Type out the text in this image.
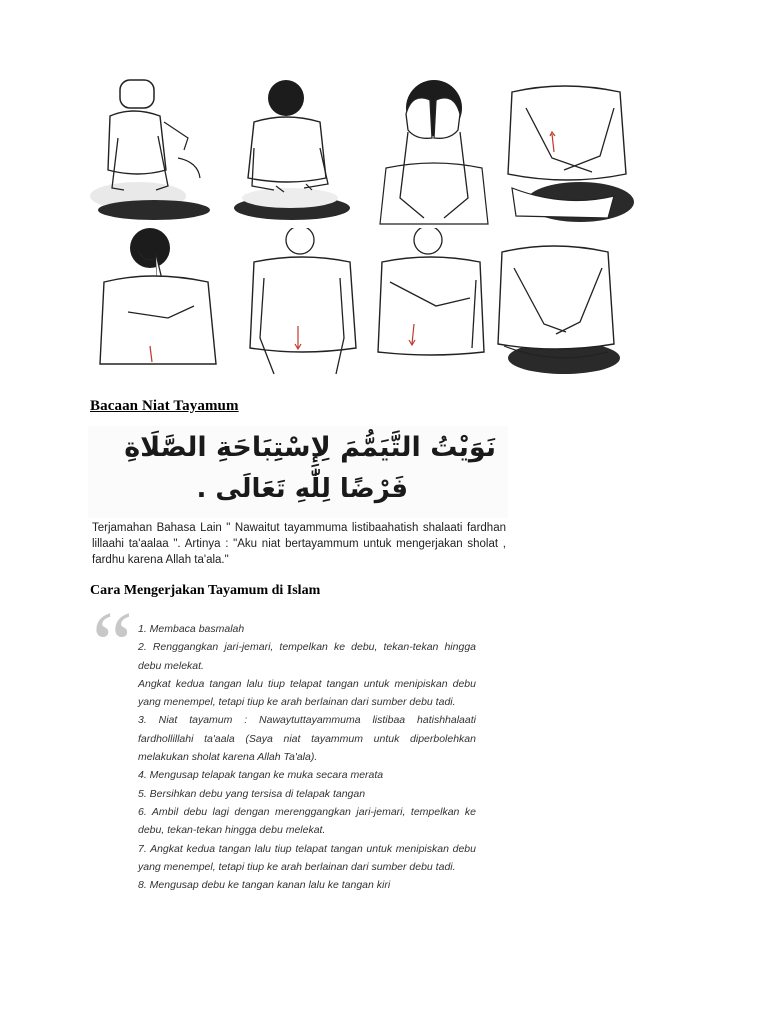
Bacaan Niat Tayamum
نَوَيْتُ التَّيَمُّمَ لِإِسْتِبَاحَةِ الصَّلَاةِ
فَرْضًا لِلّٰهِ تَعَالَى .

Terjamahan Bahasa Lain " Nawaitut tayammuma listibaahatish shalaati fardhan lillaahi ta'aalaa ". Artinya : "Aku niat bertayammum untuk mengerjakan sholat , fardhu karena Allah ta'ala."

Cara Mengerjakan Tayamum di Islam
“ 1. Membaca basmalah

2. Renggangkan jari-jemari, tempelkan ke debu, tekan-tekan hingga debu melekat.

Angkat kedua tangan lalu tiup telapat tangan untuk menipiskan debu yang menempel, tetapi tiup ke arah berlainan dari sumber debu tadi.

3. Niat tayamum : Nawaytuttayammuma listibaa hatishhalaati fardhollillahi ta'aala (Saya niat tayammum untuk diperbolehkan melakukan sholat karena Allah Ta'ala).

4. Mengusap telapak tangan ke muka secara merata

5. Bersihkan debu yang tersisa di telapak tangan

6. Ambil debu lagi dengan merenggangkan jari-jemari, tempelkan ke debu, tekan-tekan hingga debu melekat.

7. Angkat kedua tangan lalu tiup telapat tangan untuk menipiskan debu yang menempel, tetapi tiup ke arah berlainan dari sumber debu tadi.

8. Mengusap debu ke tangan kanan lalu ke tangan kiri
